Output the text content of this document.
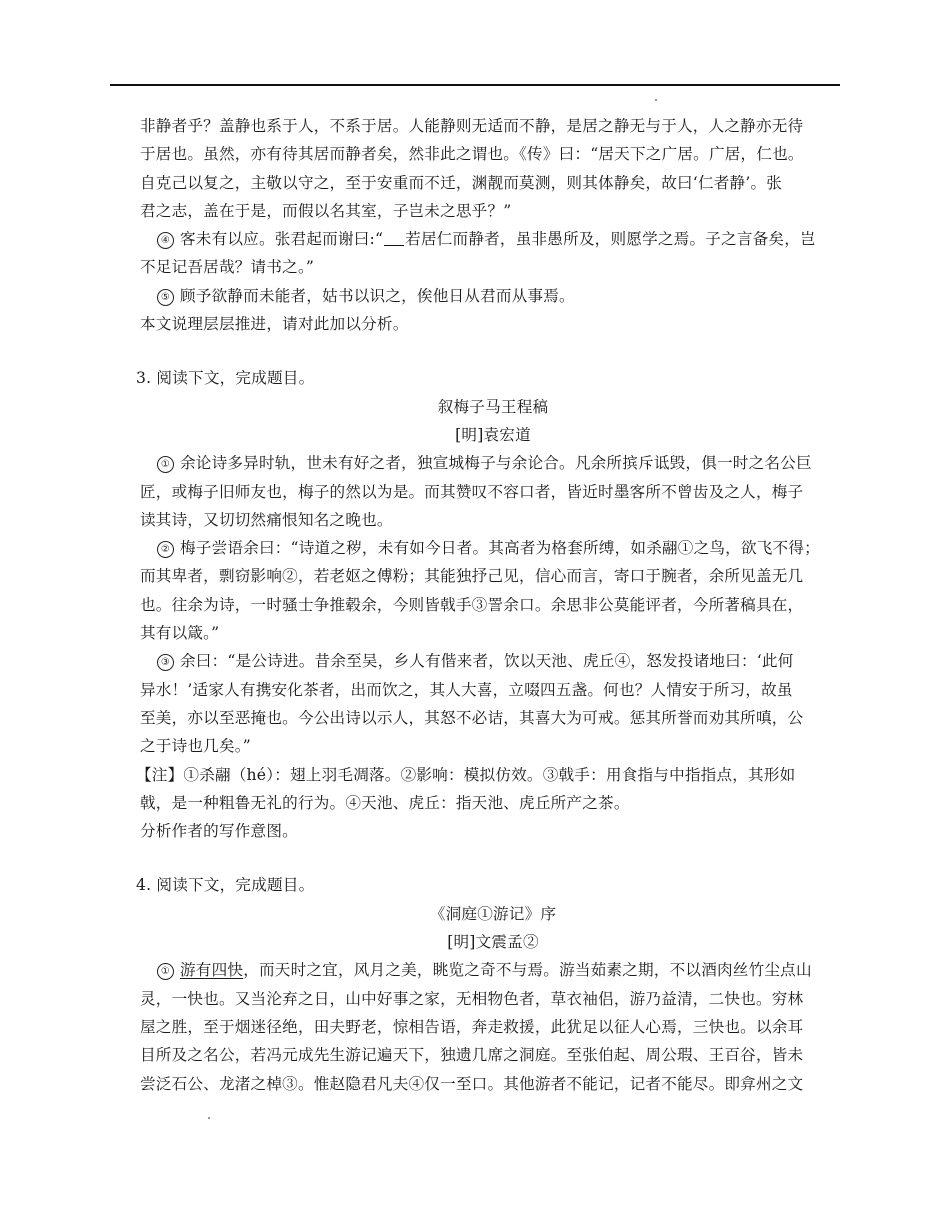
非静者乎？盖静也系于人，不系于居。人能静则无适而不静，是居之静无与于人，人之静亦无待
于居也。虽然，亦有待其居而静者矣，然非此之谓也。《传》曰：“居天下之广居。广居，仁也。
自克己以复之，主敬以守之，至于安重而不迁，渊靓而莫测，则其体静矣，故曰‘仁者静’。张
君之志，盖在于是，而假以名其室，子岂未之思乎？”
④ 客未有以应。张君起而谢曰:“ 若居仁而静者，虽非愚所及，则愿学之焉。子之言备矣，岂
不足记吾居哉？请书之。”
⑤ 顾予欲静而未能者，姑书以识之，俟他日从君而从事焉。
本文说理层层推进，请对此加以分析。
3. 阅读下文，完成题目。
叙梅子马王程稿
[明]袁宏道
① 余论诗多异时轨，世未有好之者，独宣城梅子与余论合。凡余所摈斥诋毁，俱一时之名公巨
匠，或梅子旧师友也，梅子的然以为是。而其赞叹不容口者，皆近时墨客所不曾齿及之人，梅子
读其诗，又切切然痛恨知名之晚也。
② 梅子尝语余曰：“诗道之秽，未有如今日者。其高者为格套所缚，如杀翮①之鸟，欲飞不得；
而其卑者，剽窃影响②，若老妪之傅粉；其能独抒己见，信心而言，寄口于腕者，余所见盖无几
也。往余为诗，一时骚士争推毂余，今则皆戟手③詈余口。余思非公莫能评者，今所著稿具在，
其有以箴。”
③ 余曰：“是公诗进。昔余至吴，乡人有偕来者，饮以天池、虎丘④，怒发投诸地曰：‘此何
异水！’适家人有携安化茶者，出而饮之，其人大喜，立啜四五盏。何也？人情安于所习，故虽
至美，亦以至恶掩也。今公出诗以示人，其怒不必诘，其喜大为可戒。惩其所誉而劝其所嗔，公
之于诗也几矣。”
【注】①杀翮（hé）：翅上羽毛凋落。②影响：模拟仿效。③戟手：用食指与中指指点，其形如
戟，是一种粗鲁无礼的行为。④天池、虎丘：指天池、虎丘所产之茶。
分析作者的写作意图。
4. 阅读下文，完成题目。
《洞庭①游记》序
[明]文震孟②
① 游有四快，而天时之宜，风月之美，眺览之奇不与焉。游当茹素之期，不以酒肉丝竹尘点山
灵，一快也。又当沦弃之日，山中好事之家，无相物色者，草衣袖侣，游乃益清，二快也。穷林
屋之胜，至于烟迷径绝，田夫野老，惊相告语，奔走救援，此犹足以征人心焉，三快也。以余耳
目所及之名公，若冯元成先生游记遍天下，独遗几席之洞庭。至张伯起、周公瑕、王百谷，皆未
尝泛石公、龙渚之棹③。惟赵隐君凡夫④仅一至口。其他游者不能记，记者不能尽。即弇州之文
